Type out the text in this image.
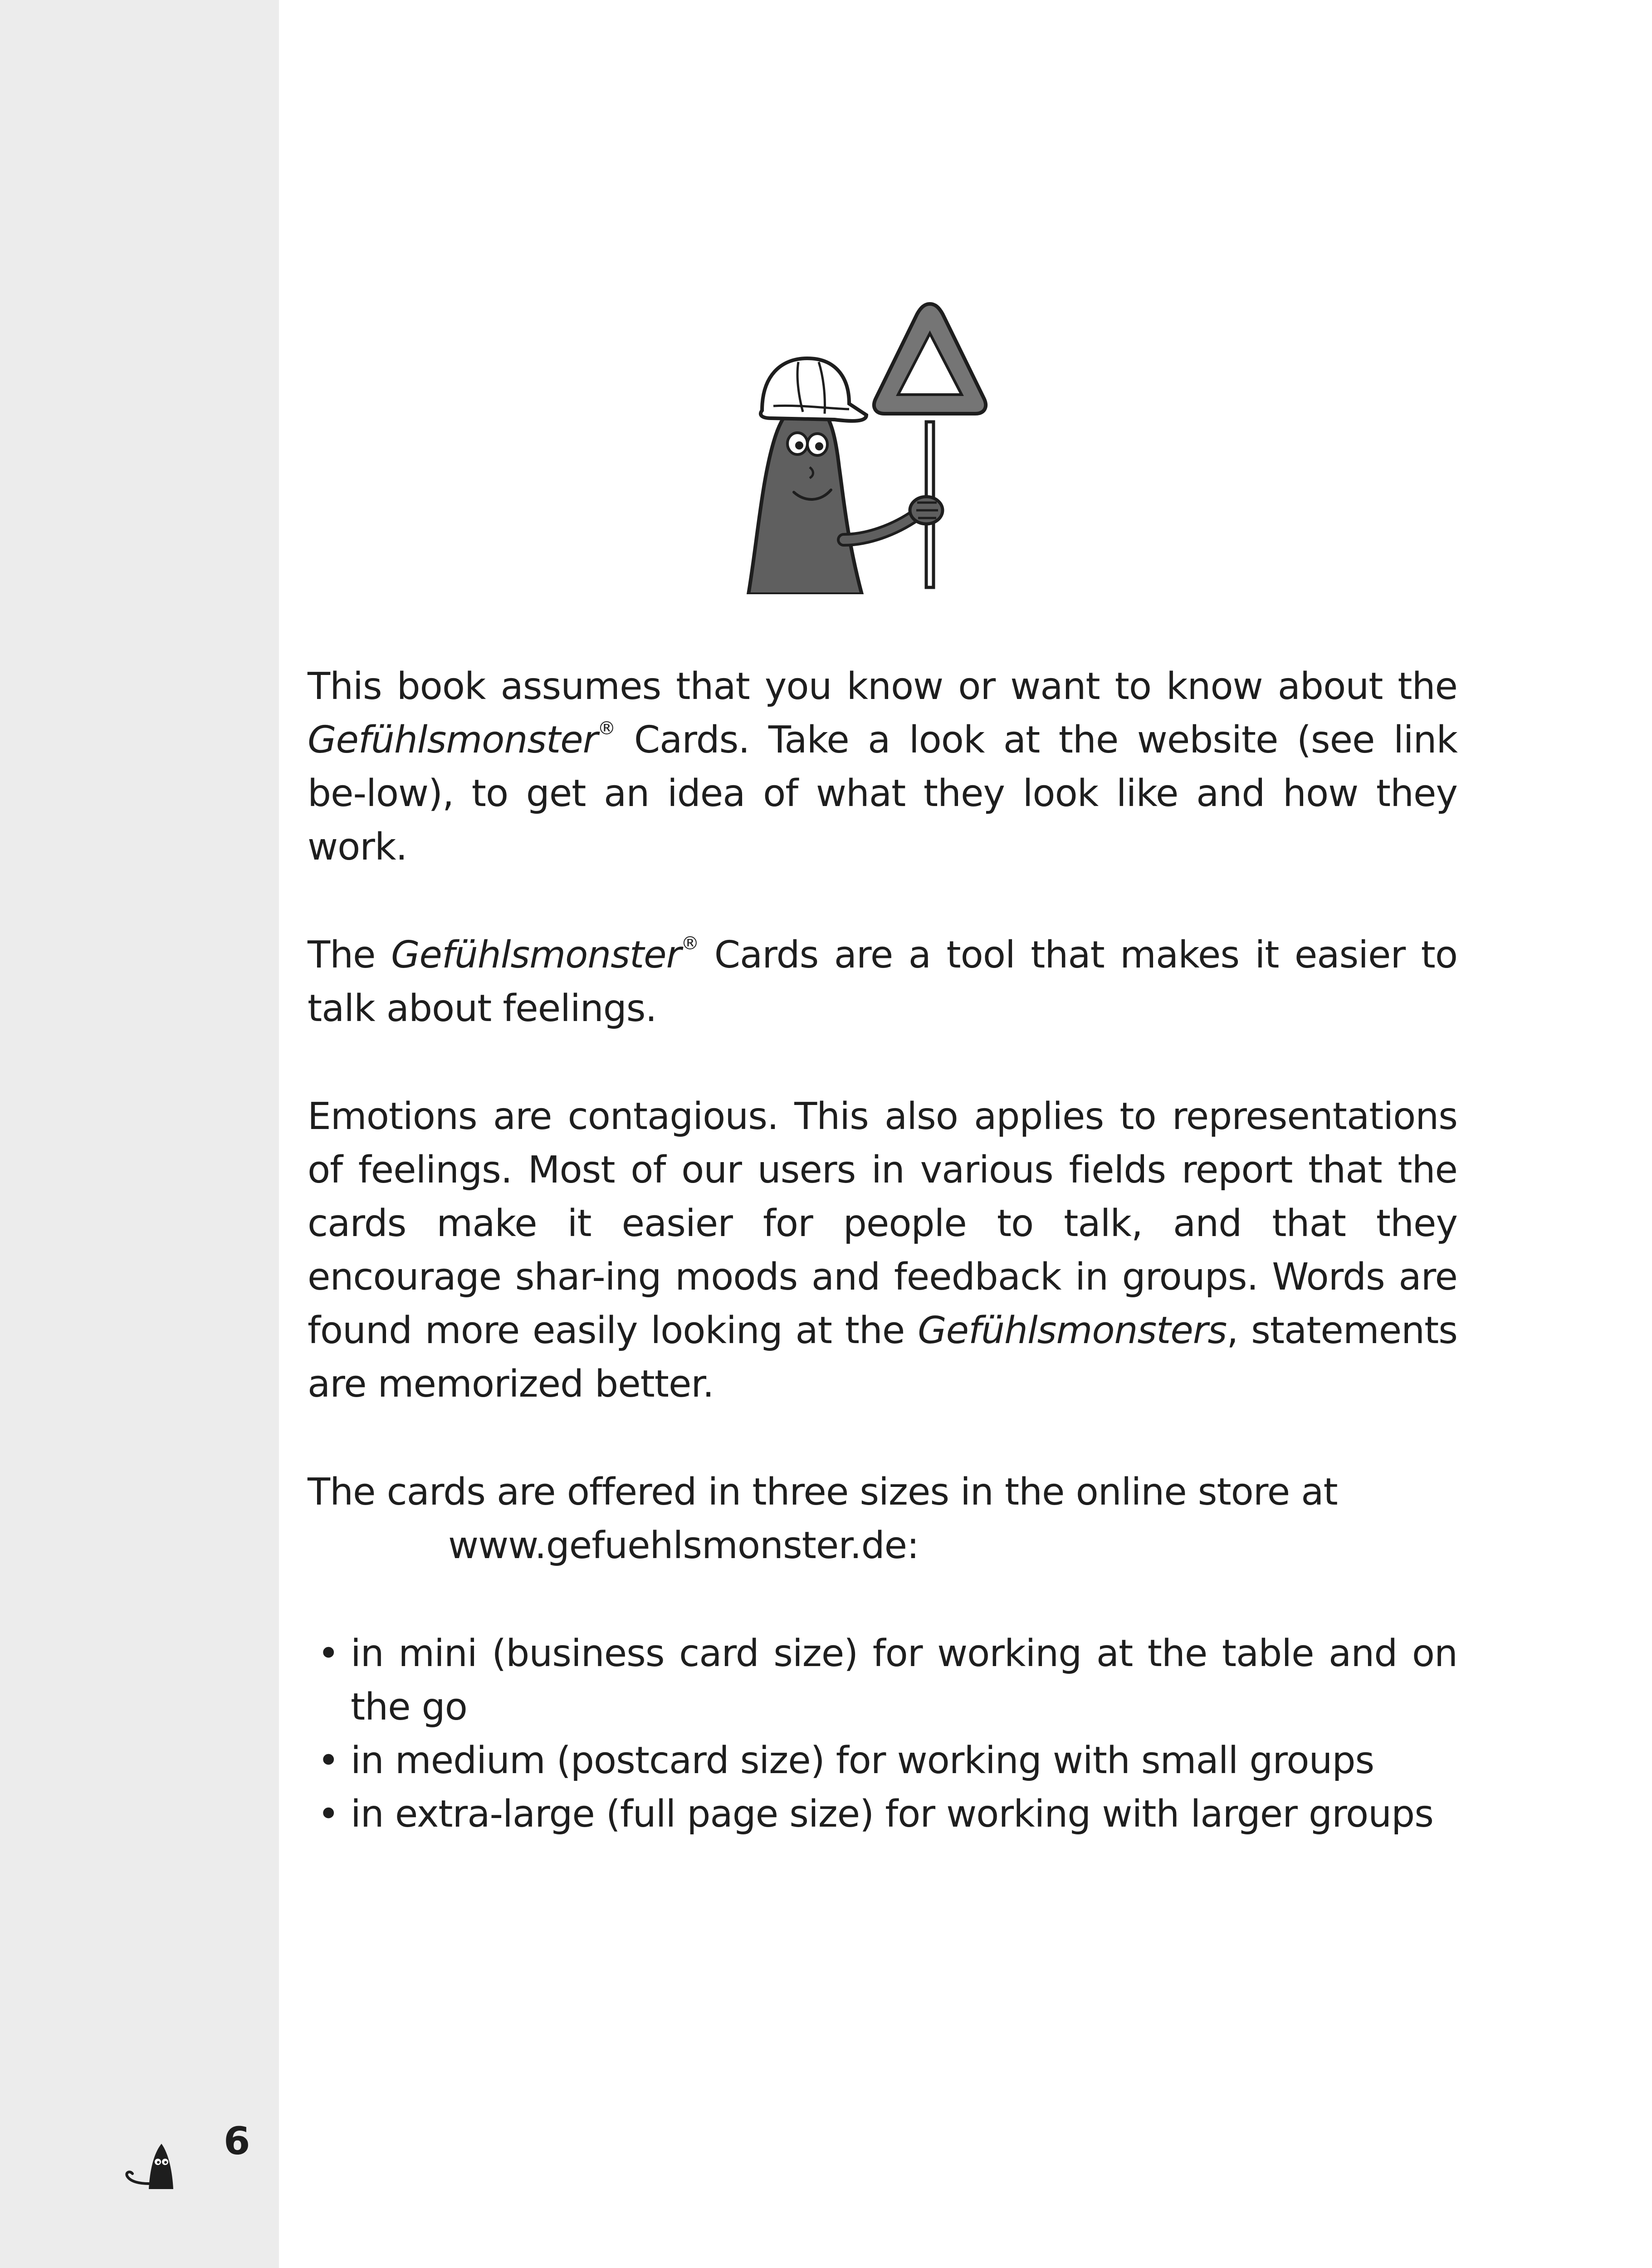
This book assumes that you know or want to know about the Gefühlsmonster® Cards. Take a look at the website (see link be-low), to get an idea of what they look like and how they work.

The Gefühlsmonster® Cards are a tool that makes it easier to talk about feelings.

Emotions are contagious. This also applies to representations of feelings. Most of our users in various fields report that the cards make it easier for people to talk, and that they encourage shar-ing moods and feedback in groups. Words are found more easily looking at the Gefühlsmonsters, statements are memorized better.

The cards are offered in three sizes in the online store at
www.gefuehlsmonster.de:

• in mini (business card size) for working at the table and on the go
• in medium (postcard size) for working with small groups
• in extra-large (full page size) for working with larger groups
6
